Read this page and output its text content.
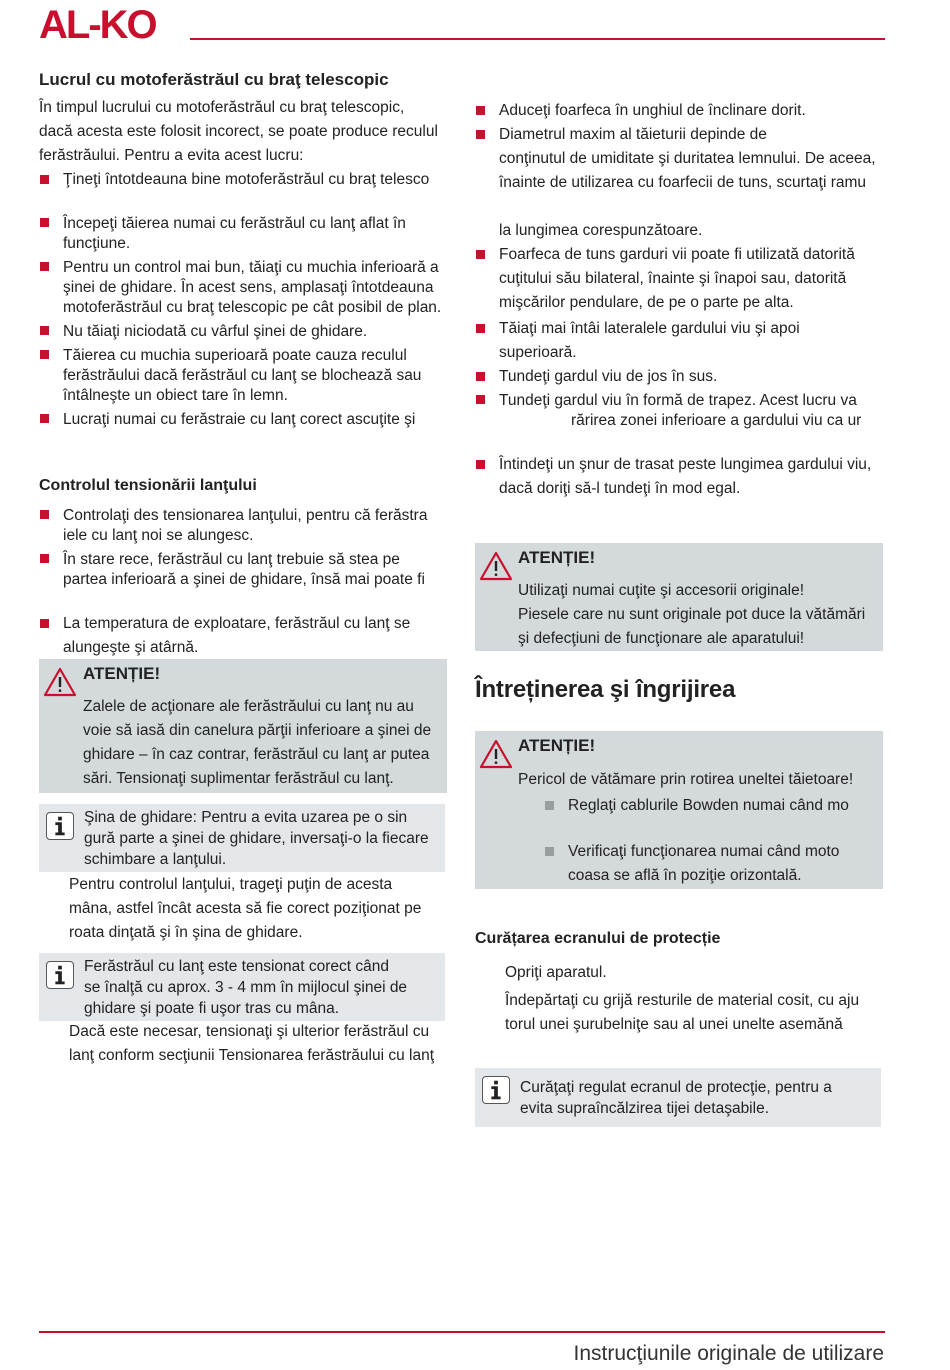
AL-KO
Lucrul cu motoferăstrăul cu braţ telescopic

În timpul lucrului cu motoferăstrăul cu braţ telescopic,

dacă acesta este folosit incorect, se poate produce reculul

ferăstrăului. Pentru a evita acest lucru:

Ţineţi întotdeauna bine motoferăstrăul cu braţ telesco
Începeţi tăierea numai cu ferăstrăul cu lanţ aflat în
funcţiune.
Pentru un control mai bun, tăiaţi cu muchia inferioară a
şinei de ghidare. În acest sens, amplasaţi întotdeauna
motoferăstrăul cu braţ telescopic pe cât posibil de plan.
Nu tăiaţi niciodată cu vârful şinei de ghidare.
Tăierea cu muchia superioară poate cauza reculul
ferăstrăului dacă ferăstrăul cu lanţ se blochează sau
întâlneşte un obiect tare în lemn.
Lucraţi numai cu ferăstraie cu lanţ corect ascuţite şi
Controlul tensionării lanţului
Controlaţi des tensionarea lanţului, pentru că ferăstra
iele cu lanţ noi se alungesc.
În stare rece, ferăstrăul cu lanţ trebuie să stea pe
partea inferioară a şinei de ghidare, însă mai poate fi
La temperatura de exploatare, ferăstrăul cu lanţ se
alungeşte şi atârnă.
ATENȚIE!
Zalele de acţionare ale ferăstrăului cu lanţ nu au
voie să iasă din canelura părţii inferioare a şinei de
ghidare – în caz contrar, ferăstrăul cu lanţ ar putea
sări. Tensionaţi suplimentar ferăstrăul cu lanţ.
Şina de ghidare: Pentru a evita uzarea pe o sin
gură parte a şinei de ghidare, inversaţi-o la fiecare
schimbare a lanţului.

Pentru controlul lanţului, trageţi puţin de acesta

mâna, astfel încât acesta să fie corect poziţionat pe

roata dinţată şi în şina de ghidare.

Ferăstrăul cu lanţ este tensionat corect când
se înalţă cu aprox. 3 - 4 mm în mijlocul şinei de
ghidare şi poate fi uşor tras cu mâna.

Dacă este necesar, tensionaţi şi ulterior ferăstrăul cu

lanţ conform secţiunii Tensionarea ferăstrăului cu lanţ

Aduceţi foarfeca în unghiul de înclinare dorit.
Diametrul maxim al tăieturii depinde de
conţinutul de umiditate şi duritatea lemnului. De aceea,
înainte de utilizarea cu foarfecii de tuns, scurtaţi ramu

la lungimea corespunzătoare.

Foarfeca de tuns garduri vii poate fi utilizată datorită
cuţitului său bilateral, înainte şi înapoi sau, datorită
mişcărilor pendulare, de pe o parte pe alta.
Tăiaţi mai întâi lateralele gardului viu şi apoi
superioară.
Tundeţi gardul viu de jos în sus.
Tundeţi gardul viu în formă de trapez. Acest lucru va
rărirea zonei inferioare a gardului viu ca ur
Întindeţi un şnur de trasat peste lungimea gardului viu,
dacă doriţi să-l tundeţi în mod egal.
ATENȚIE!
Utilizaţi numai cuţite şi accesorii originale!
Piesele care nu sunt originale pot duce la vătămări
şi defecţiuni de funcţionare ale aparatului!
Întreținerea şi îngrijirea
ATENȚIE!
Pericol de vătămare prin rotirea uneltei tăietoare!
Reglaţi cablurile Bowden numai când mo
Verificaţi funcţionarea numai când moto
coasa se află în poziţie orizontală.
Curățarea ecranului de protecție

Opriţi aparatul.

Îndepărtaţi cu grijă resturile de material cosit, cu aju

torul unei şurubelniţe sau al unei unelte asemănă

Curăţaţi regulat ecranul de protecţie, pentru a
evita supraîncălzirea tijei detaşabile.
Instrucţiunile originale de utilizare
